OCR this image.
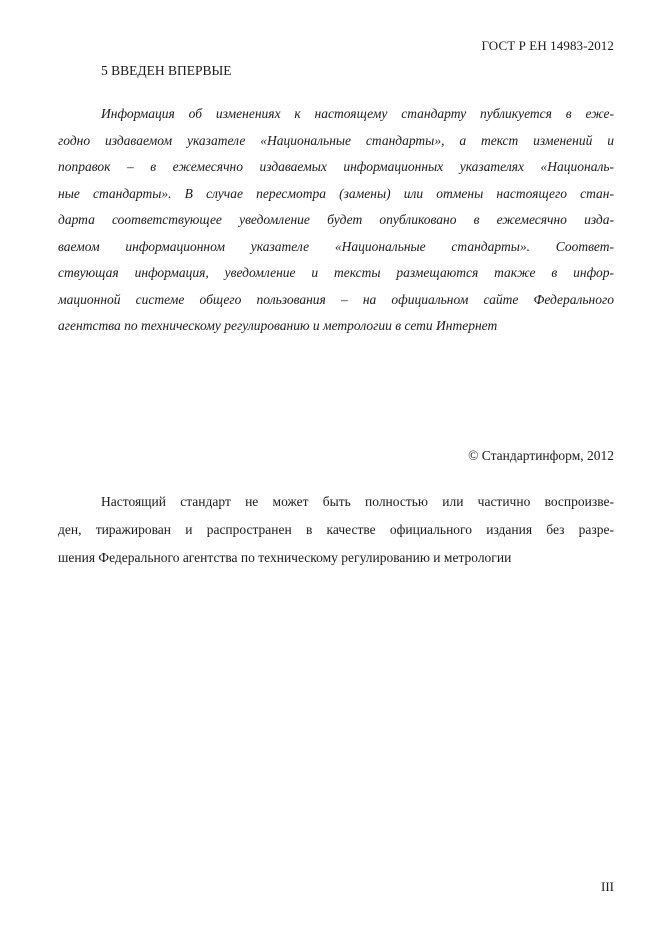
ГОСТ Р ЕН 14983-2012
5 ВВЕДЕН ВПЕРВЫЕ
Информация об изменениях к настоящему стандарту публикуется в еже-
годно издаваемом указателе «Национальные стандарты», а текст изменений и
поправок – в ежемесячно издаваемых информационных указателях «Националь-
ные стандарты». В случае пересмотра (замены) или отмены настоящего стан-
дарта соответствующее уведомление будет опубликовано в ежемесячно изда-
ваемом информационном указателе «Национальные стандарты». Соответ-
ствующая информация, уведомление и тексты размещаются также в инфор-
мационной системе общего пользования – на официальном сайте Федерального
агентства по техническому регулированию и метрологии в сети Интернет
© Стандартинформ, 2012
Настоящий стандарт не может быть полностью или частично воспроизве-
ден, тиражирован и распространен в качестве официального издания без разре-
шения Федерального агентства по техническому регулированию и метрологии
III
